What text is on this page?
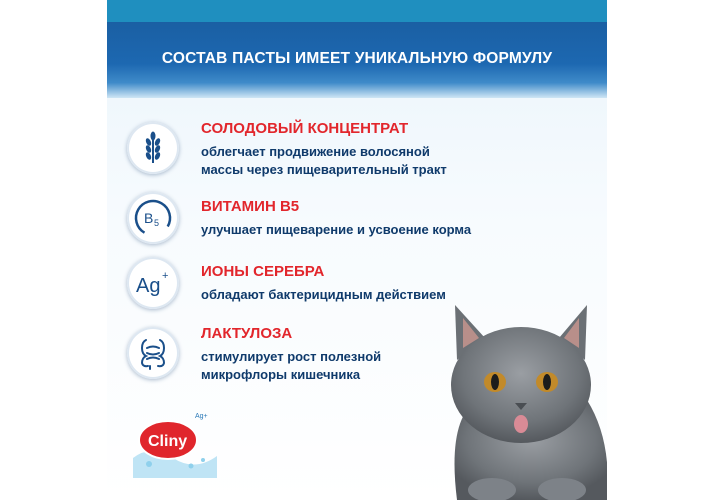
СОСТАВ ПАСТЫ ИМЕЕТ УНИКАЛЬНУЮ ФОРМУЛУ
СОЛОДОВЫЙ КОНЦЕНТРАТ
облегчает продвижение волосяной
массы через пищеварительный тракт
B 5
ВИТАМИН В5
улучшает пищеварение и усвоение корма
Ag + ИОНЫ СЕРЕБРА
обладают бактерицидным действием
ЛАКТУЛОЗА
стимулирует рост полезной
микрофлоры кишечника
Cliny
Ag+
